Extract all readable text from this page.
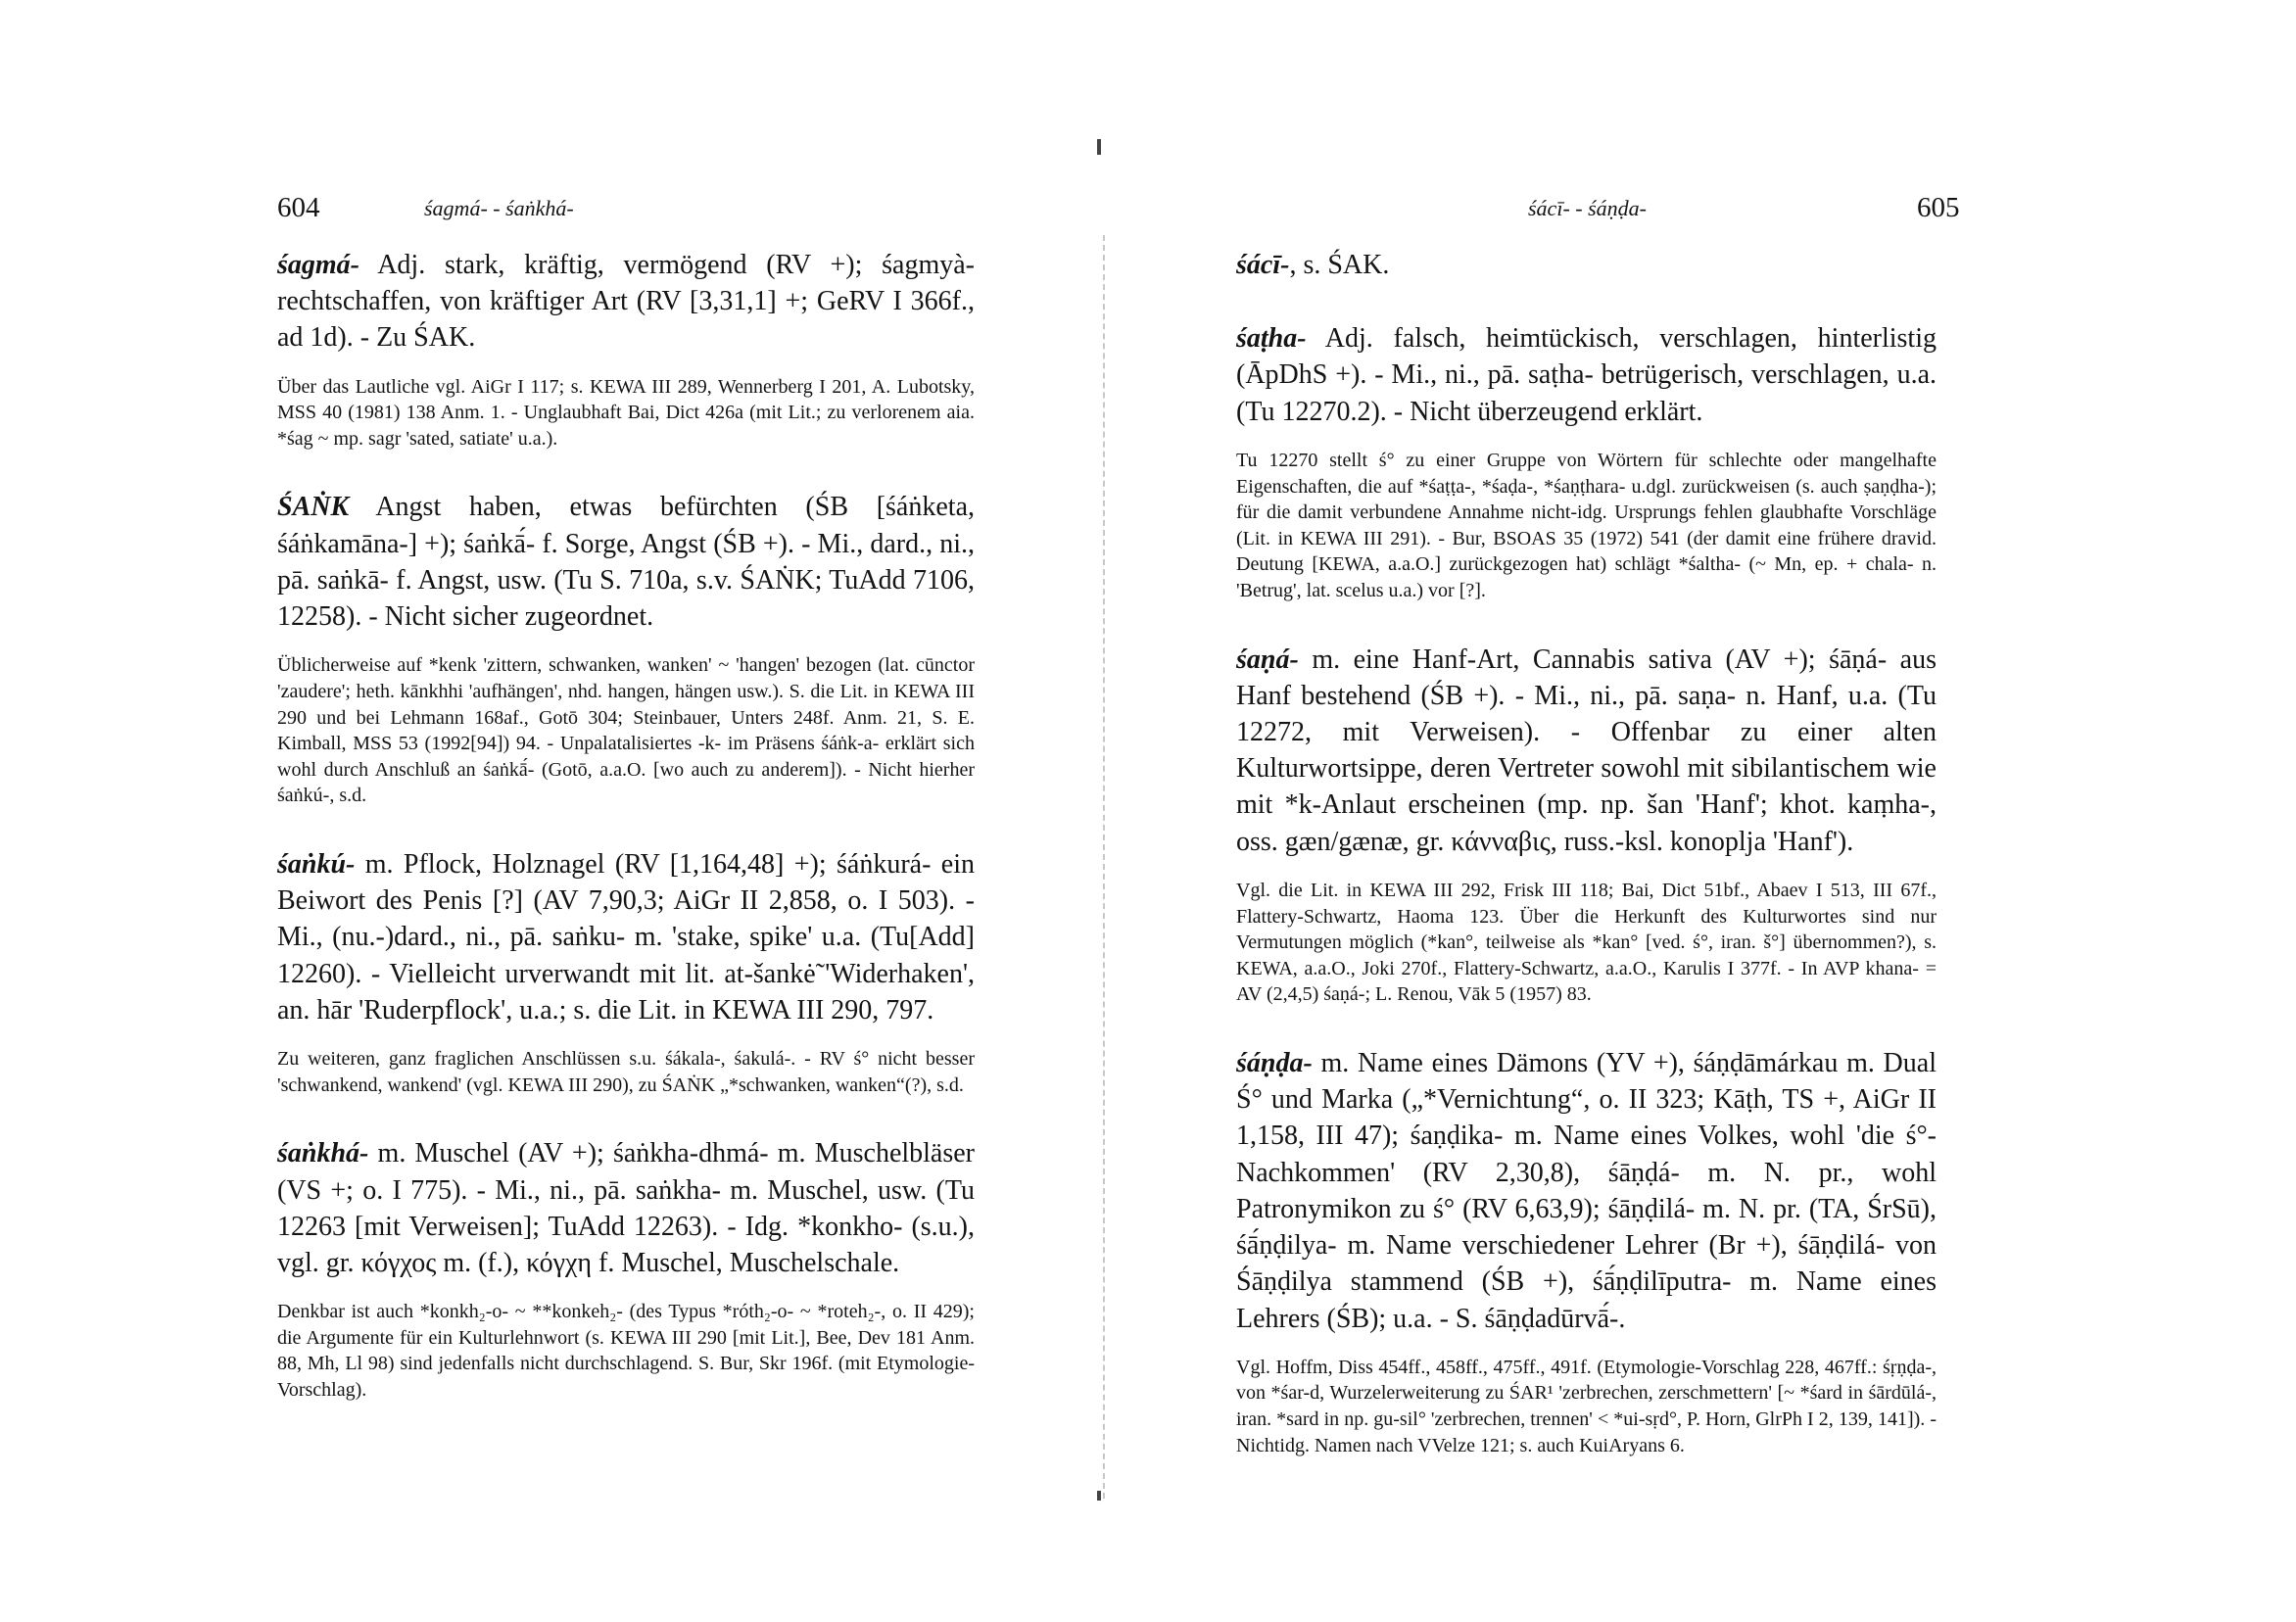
604	śagmá- - śaṅkhá-

śagmá- Adj. stark, kräftig, vermögend (RV +); śagmyà- rechtschaffen, von kräftiger Art (RV [3,31,1] +; GeRV I 366f., ad 1d). - Zu ŚAK.

Über das Lautliche vgl. AiGr I 117; s. KEWA III 289, Wennerberg I 201, A. Lubotsky, MSS 40 (1981) 138 Anm. 1. - Unglaubhaft Bai, Dict 426a (mit Lit.; zu verlorenem aia. *śag ~ mp. sagr 'sated, satiate' u.a.).

ŚAṄK Angst haben, etwas befürchten (ŚB [śáṅketa, śáṅkamāna-] +); śaṅkā́- f. Sorge, Angst (ŚB +). - Mi., dard., ni., pā. saṅkā- f. Angst, usw. (Tu S. 710a, s.v. ŚAṄK; TuAdd 7106, 12258). - Nicht sicher zugeordnet.

Üblicherweise auf *kenk 'zittern, schwanken, wanken' ~ 'hangen' bezogen (lat. cūnctor 'zaudere'; heth. kānkhhi 'aufhängen', nhd. hangen, hängen usw.). S. die Lit. in KEWA III 290 und bei Lehmann 168af., Gotō 304; Steinbauer, Unters 248f. Anm. 21, S. E. Kimball, MSS 53 (1992[94]) 94. - Unpalatalisiertes -k- im Präsens śáṅk-a- erklärt sich wohl durch Anschluß an śaṅkā́- (Gotō, a.a.O. [wo auch zu anderem]). - Nicht hierher śaṅkú-, s.d.

śaṅkú- m. Pflock, Holznagel (RV [1,164,48] +); śáṅkurá- ein Beiwort des Penis [?] (AV 7,90,3; AiGr II 2,858, o. I 503). - Mi., (nu.-)dard., ni., pā. saṅku- m. 'stake, spike' u.a. (Tu[Add] 12260). - Vielleicht urverwandt mit lit. at-šankė̃ 'Widerhaken', an. hār 'Ruderpflock', u.a.; s. die Lit. in KEWA III 290, 797.

Zu weiteren, ganz fraglichen Anschlüssen s.u. śákala-, śakulá-. - RV ś° nicht besser 'schwankend, wankend' (vgl. KEWA III 290), zu ŚAṄK „*schwanken, wanken“(?), s.d.

śaṅkhá- m. Muschel (AV +); śaṅkha-dhmá- m. Muschelbläser (VS +; o. I 775). - Mi., ni., pā. saṅkha- m. Muschel, usw. (Tu 12263 [mit Verweisen]; TuAdd 12263). - Idg. *konkho- (s.u.), vgl. gr. κόγχος m. (f.), κόγχη f. Muschel, Muschelschale.

Denkbar ist auch *konkh₂-o- ~ **konkeh₂- (des Typus *róth₂-o- ~ *roteh₂-, o. II 429); die Argumente für ein Kulturlehnwort (s. KEWA III 290 [mit Lit.], Bee, Dev 181 Anm. 88, Mh, Ll 98) sind jedenfalls nicht durchschlagend. S. Bur, Skr 196f. (mit Etymologie-Vorschlag).

śácī- - śáṇḍa-	605

śácī-, s. ŚAK.

śaṭha- Adj. falsch, heimtückisch, verschlagen, hinterlistig (ĀpDhS +). - Mi., ni., pā. saṭha- betrügerisch, verschlagen, u.a. (Tu 12270.2). - Nicht überzeugend erklärt.

Tu 12270 stellt ś° zu einer Gruppe von Wörtern für schlechte oder mangelhafte Eigenschaften, die auf *śaṭṭa-, *śaḍa-, *śaṇṭhara- u.dgl. zurückweisen (s. auch ṣaṇḍha-); für die damit verbundene Annahme nicht-idg. Ursprungs fehlen glaubhafte Vorschläge (Lit. in KEWA III 291). - Bur, BSOAS 35 (1972) 541 (der damit eine frühere dravid. Deutung [KEWA, a.a.O.] zurückgezogen hat) schlägt *śaltha- (~ Mn, ep. + chala- n. 'Betrug', lat. scelus u.a.) vor [?].

śaṇá- m. eine Hanf-Art, Cannabis sativa (AV +); śāṇá- aus Hanf bestehend (ŚB +). - Mi., ni., pā. saṇa- n. Hanf, u.a. (Tu 12272, mit Verweisen). - Offenbar zu einer alten Kulturwortsippe, deren Vertreter sowohl mit sibilantischem wie mit *k-Anlaut erscheinen (mp. np. šan 'Hanf'; khot. kaṃha-, oss. gæn/gænæ, gr. κάνναβις, russ.-ksl. konoplja 'Hanf').

Vgl. die Lit. in KEWA III 292, Frisk III 118; Bai, Dict 51bf., Abaev I 513, III 67f., Flattery-Schwartz, Haoma 123. Über die Herkunft des Kulturwortes sind nur Vermutungen möglich (*kan°, teilweise als *kan° [ved. ś°, iran. š°] übernommen?), s. KEWA, a.a.O., Joki 270f., Flattery-Schwartz, a.a.O., Karulis I 377f. - In AVP khana- = AV (2,4,5) śaṇá-; L. Renou, Vāk 5 (1957) 83.

śáṇḍa- m. Name eines Dämons (YV +), śáṇḍāmárkau m. Dual Ś° und Marka („*Vernichtung“, o. II 323; Kāṭh, TS +, AiGr II 1,158, III 47); śaṇḍika- m. Name eines Volkes, wohl 'die ś°-Nachkommen' (RV 2,30,8), śāṇḍá- m. N. pr., wohl Patronymikon zu ś° (RV 6,63,9); śāṇḍilá- m. N. pr. (TA, ŚrSū), śā́ṇḍilya- m. Name verschiedener Lehrer (Br +), śāṇḍilá- von Śāṇḍilya stammend (ŚB +), śā́ṇḍilīputra- m. Name eines Lehrers (ŚB); u.a. - S. śāṇḍadūrvā́-.

Vgl. Hoffm, Diss 454ff., 458ff., 475ff., 491f. (Etymologie-Vorschlag 228, 467ff.: śṛṇḍa-, von *śar-d, Wurzelerweiterung zu ŚAR¹ 'zerbrechen, zerschmettern' [~ *śard in śārdūlá-, iran. *sard in np. gu-sil° 'zerbrechen, trennen' < *ui-sṛd°, P. Horn, GlrPh I 2, 139, 141]). - Nichtidg. Namen nach VVelze 121; s. auch KuiAryans 6.
